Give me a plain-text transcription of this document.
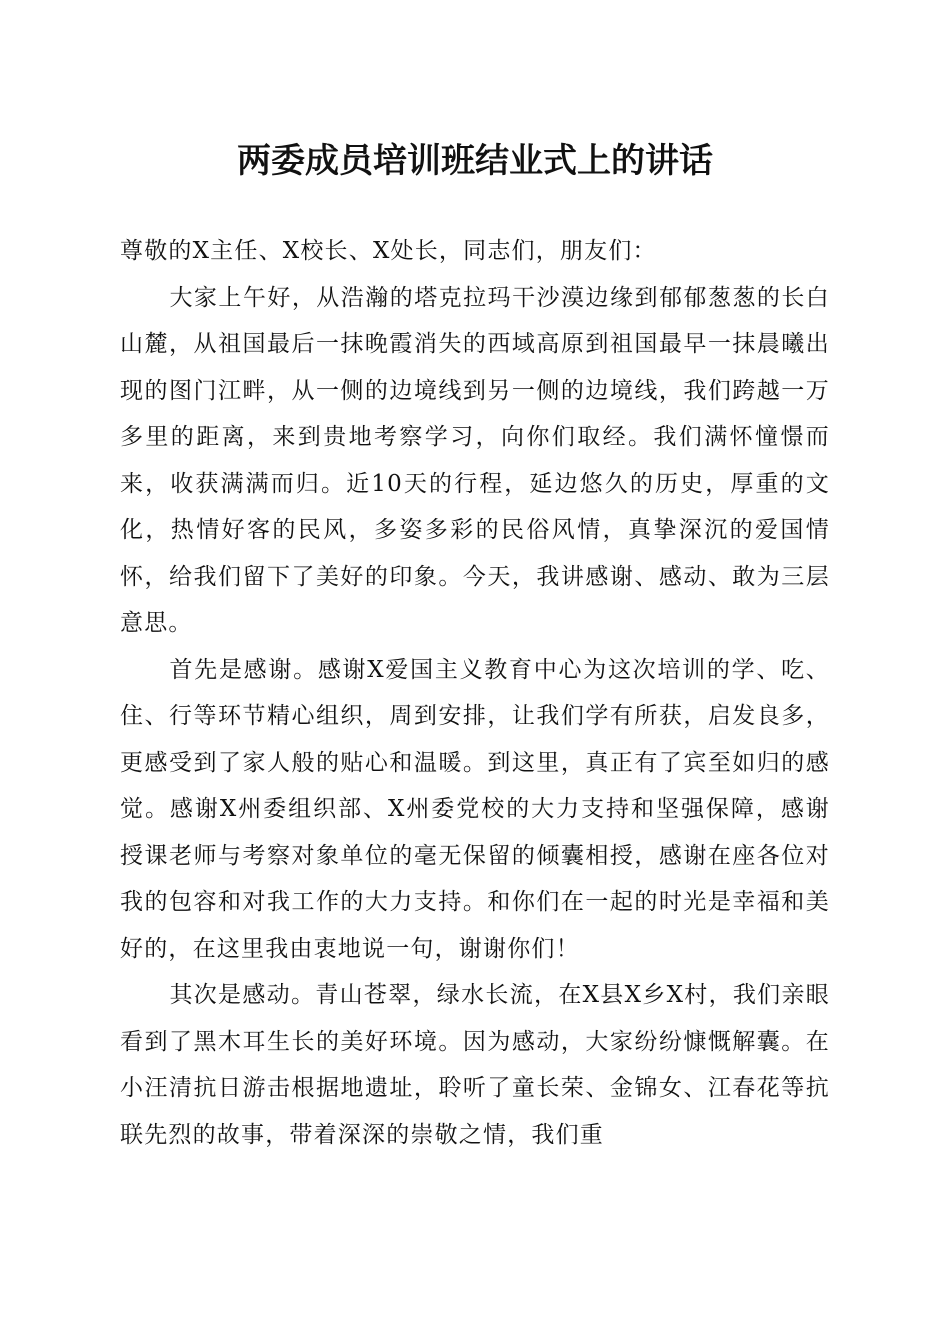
两委成员培训班结业式上的讲话

尊敬的X主任、X校长、X处长，同志们，朋友们：

大家上午好，从浩瀚的塔克拉玛干沙漠边缘到郁郁葱葱的长白山麓，从祖国最后一抹晚霞消失的西域高原到祖国最早一抹晨曦出现的图门江畔，从一侧的边境线到另一侧的边境线，我们跨越一万多里的距离，来到贵地考察学习，向你们取经。我们满怀憧憬而来，收获满满而归。近10天的行程，延边悠久的历史，厚重的文化，热情好客的民风，多姿多彩的民俗风情，真挚深沉的爱国情怀，给我们留下了美好的印象。今天，我讲感谢、感动、敢为三层意思。

首先是感谢。感谢X爱国主义教育中心为这次培训的学、吃、住、行等环节精心组织，周到安排，让我们学有所获，启发良多，更感受到了家人般的贴心和温暖。到这里，真正有了宾至如归的感觉。感谢X州委组织部、X州委党校的大力支持和坚强保障，感谢授课老师与考察对象单位的毫无保留的倾囊相授，感谢在座各位对我的包容和对我工作的大力支持。和你们在一起的时光是幸福和美好的，在这里我由衷地说一句，谢谢你们！

其次是感动。青山苍翠，绿水长流，在X县X乡X村，我们亲眼看到了黑木耳生长的美好环境。因为感动，大家纷纷慷慨解囊。在小汪清抗日游击根据地遗址，聆听了童长荣、金锦女、江春花等抗联先烈的故事，带着深深的崇敬之情，我们重
